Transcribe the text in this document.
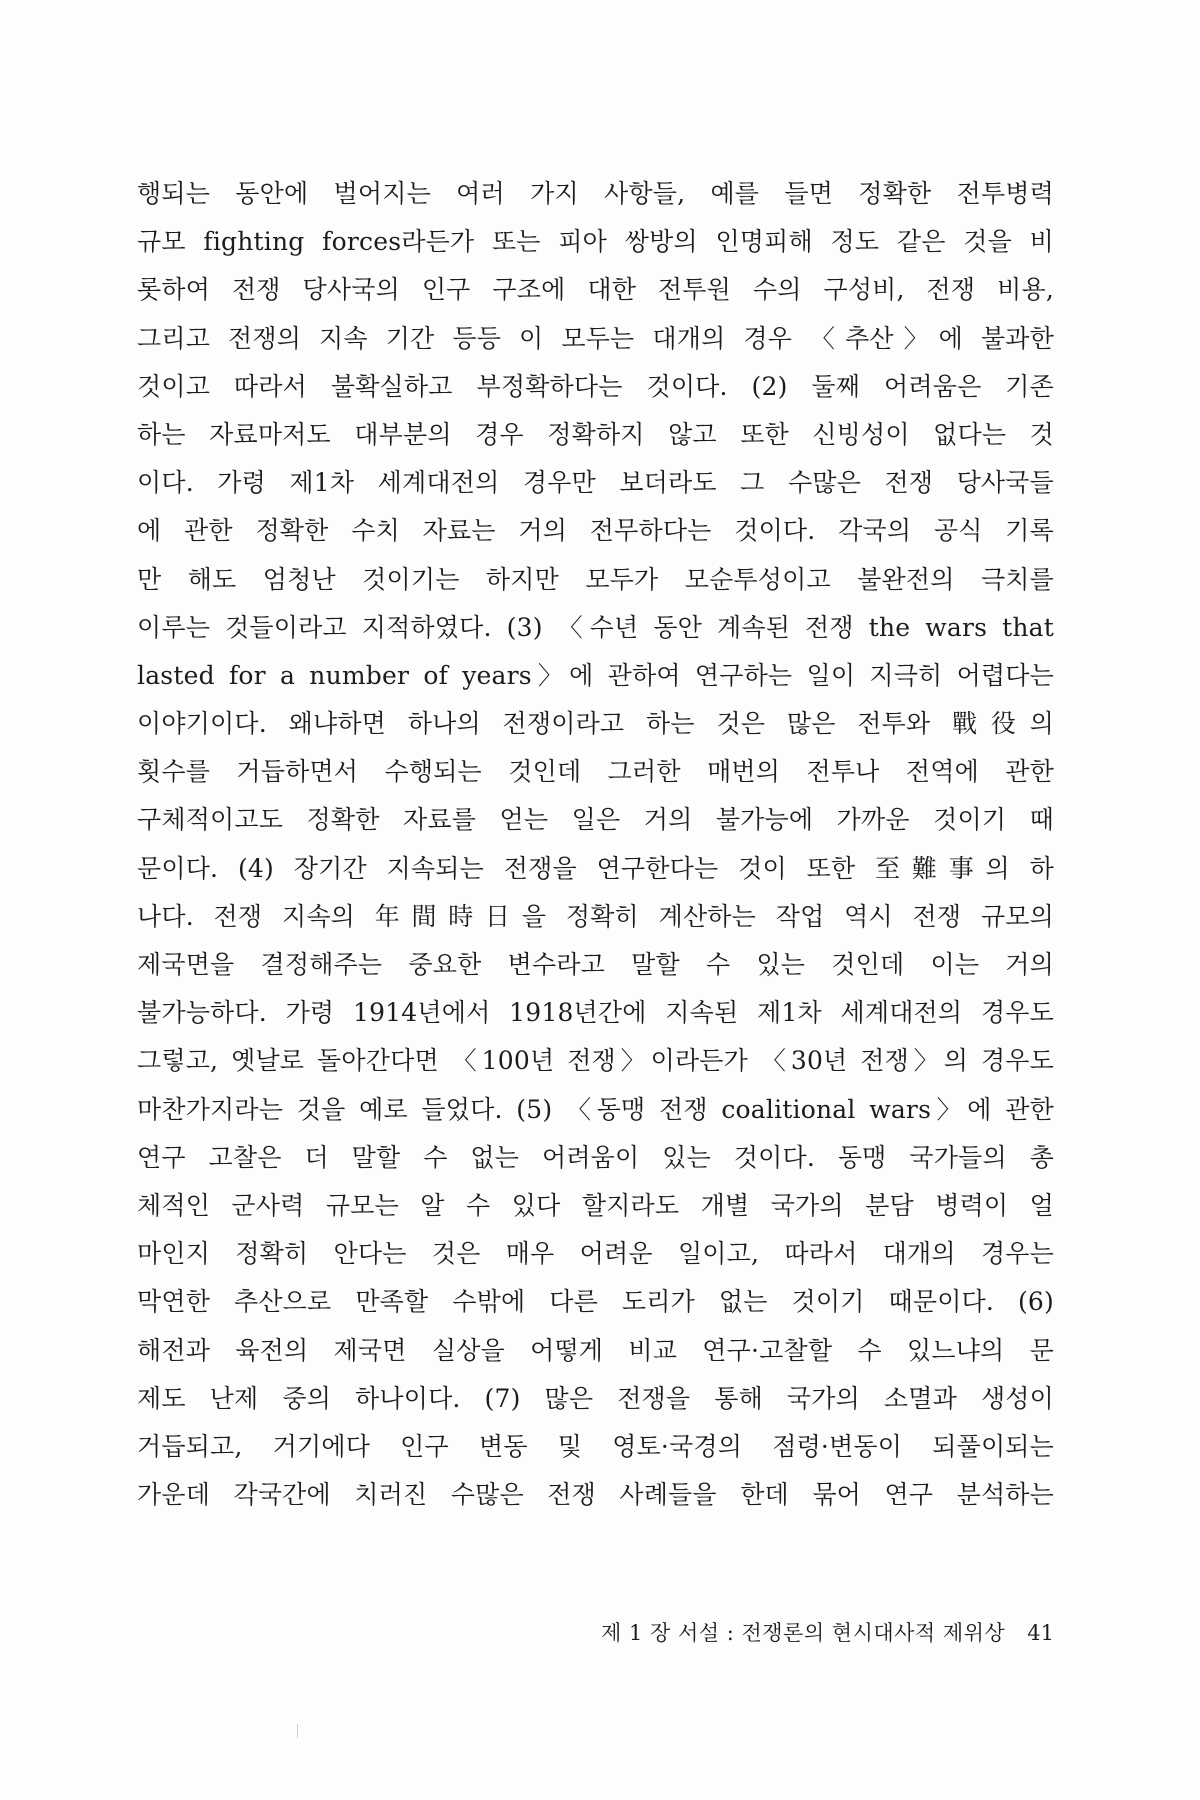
행되는 동안에 벌어지는 여러 가지 사항들, 예를 들면 정확한 전투병력
규모 fighting forces라든가 또는 피아 쌍방의 인명피해 정도 같은 것을 비
롯하여 전쟁 당사국의 인구 구조에 대한 전투원 수의 구성비, 전쟁 비용,
그리고 전쟁의 지속 기간 등등 이 모두는 대개의 경우 〈추산〉에 불과한
것이고 따라서 불확실하고 부정확하다는 것이다. (2) 둘째 어려움은 기존
하는 자료마저도 대부분의 경우 정확하지 않고 또한 신빙성이 없다는 것
이다. 가령 제1차 세계대전의 경우만 보더라도 그 수많은 전쟁 당사국들
에 관한 정확한 수치 자료는 거의 전무하다는 것이다. 각국의 공식 기록
만 해도 엄청난 것이기는 하지만 모두가 모순투성이고 불완전의 극치를
이루는 것들이라고 지적하였다. (3) 〈수년 동안 계속된 전쟁 the wars that
lasted for a number of years〉에 관하여 연구하는 일이 지극히 어렵다는
이야기이다. 왜냐하면 하나의 전쟁이라고 하는 것은 많은 전투와 戰役의
횟수를 거듭하면서 수행되는 것인데 그러한 매번의 전투나 전역에 관한
구체적이고도 정확한 자료를 얻는 일은 거의 불가능에 가까운 것이기 때
문이다. (4) 장기간 지속되는 전쟁을 연구한다는 것이 또한 至難事의 하
나다. 전쟁 지속의 年間時日을 정확히 계산하는 작업 역시 전쟁 규모의
제국면을 결정해주는 중요한 변수라고 말할 수 있는 것인데 이는 거의
불가능하다. 가령 1914년에서 1918년간에 지속된 제1차 세계대전의 경우도
그렇고, 옛날로 돌아간다면 〈100년 전쟁〉이라든가 〈30년 전쟁〉의 경우도
마찬가지라는 것을 예로 들었다. (5) 〈동맹 전쟁 coalitional wars〉에 관한
연구 고찰은 더 말할 수 없는 어려움이 있는 것이다. 동맹 국가들의 총
체적인 군사력 규모는 알 수 있다 할지라도 개별 국가의 분담 병력이 얼
마인지 정확히 안다는 것은 매우 어려운 일이고, 따라서 대개의 경우는
막연한 추산으로 만족할 수밖에 다른 도리가 없는 것이기 때문이다. (6)
해전과 육전의 제국면 실상을 어떻게 비교 연구·고찰할 수 있느냐의 문
제도 난제 중의 하나이다. (7) 많은 전쟁을 통해 국가의 소멸과 생성이
거듭되고, 거기에다 인구 변동 및 영토·국경의 점령·변동이 되풀이되는
가운데 각국간에 치러진 수많은 전쟁 사례들을 한데 묶어 연구 분석하는
제 1 장 서설 : 전쟁론의 현시대사적 제위상 41
